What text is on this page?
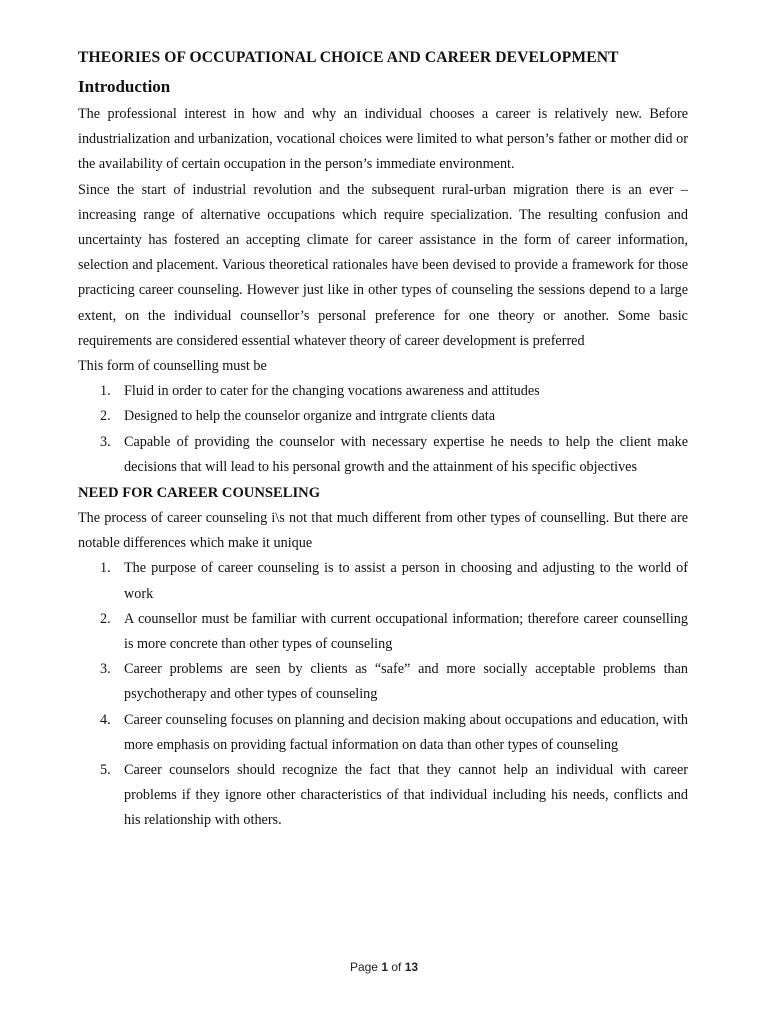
THEORIES OF OCCUPATIONAL CHOICE AND CAREER DEVELOPMENT
Introduction

The professional interest in how and why an individual chooses a career is relatively new. Before industrialization and urbanization, vocational choices were limited to what person’s father or mother did or the availability of certain occupation in the person’s immediate environment.

Since the start of industrial revolution and the subsequent rural-urban migration there is an ever – increasing range of alternative occupations which require specialization. The resulting confusion and uncertainty has fostered an accepting climate for career assistance in the form of career information, selection and placement. Various theoretical rationales have been devised to provide a framework for those practicing career counseling. However just like in other types of counseling the sessions depend to a large extent, on the individual counsellor’s personal preference for one theory or another. Some basic requirements are considered essential whatever theory of career development is preferred

This form of counselling must be

1. Fluid in order to cater for the changing vocations awareness and attitudes
2. Designed to help the counselor organize and intrgrate clients data
3. Capable of providing the counselor with necessary expertise he needs to help the client make decisions that will lead to his personal growth and the attainment of his specific objectives
NEED FOR CAREER COUNSELING

The process of career counseling i\s not that much different from other types of counselling. But there are notable differences which make it unique

1. The purpose of career counseling is to assist a person in choosing and adjusting to the world of work
2. A counsellor must be familiar with current occupational information; therefore career counselling is more concrete than other types of counseling
3. Career problems are seen by clients as “safe” and more socially acceptable problems than psychotherapy and other types of counseling
4. Career counseling focuses on planning and decision making about occupations and education, with more emphasis on providing factual information on data than other types of counseling
5. Career counselors should recognize the fact that they cannot help an individual with career problems if they ignore other characteristics of that individual including his needs, conflicts and his relationship with others.
Page 1 of 13
